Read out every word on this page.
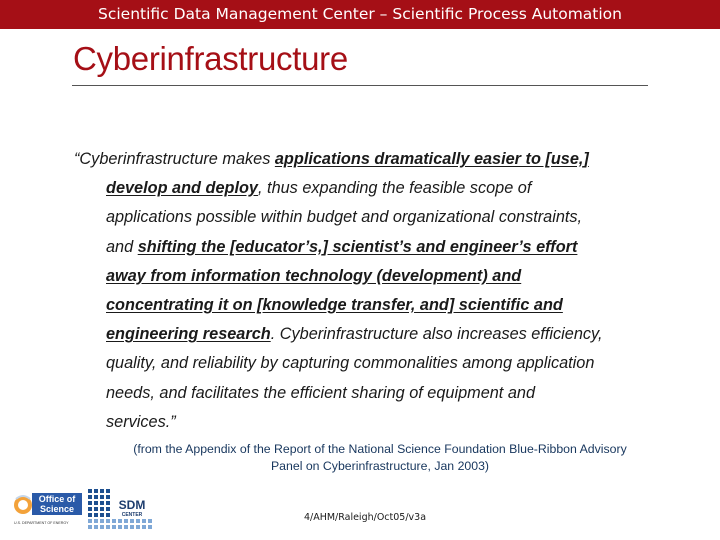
Scientific Data Management Center – Scientific Process Automation
Cyberinfrastructure
“Cyberinfrastructure makes applications dramatically easier to [use,]
develop and deploy, thus expanding the feasible scope of
applications possible within budget and organizational constraints,
and shifting the [educator’s,] scientist’s and engineer’s effort
away from information technology (development) and
concentrating it on [knowledge transfer, and] scientific and
engineering research. Cyberinfrastructure also increases efficiency,
quality, and reliability by capturing commonalities among application
needs, and facilitates the efficient sharing of equipment and
services.”
(from the Appendix of the Report of the National Science Foundation Blue-Ribbon Advisory
Panel on Cyberinfrastructure, Jan 2003)
Office of
Science
U.S. DEPARTMENT OF ENERGY
SDM
CENTER	4/AHM/Raleigh/Oct05/v3a
